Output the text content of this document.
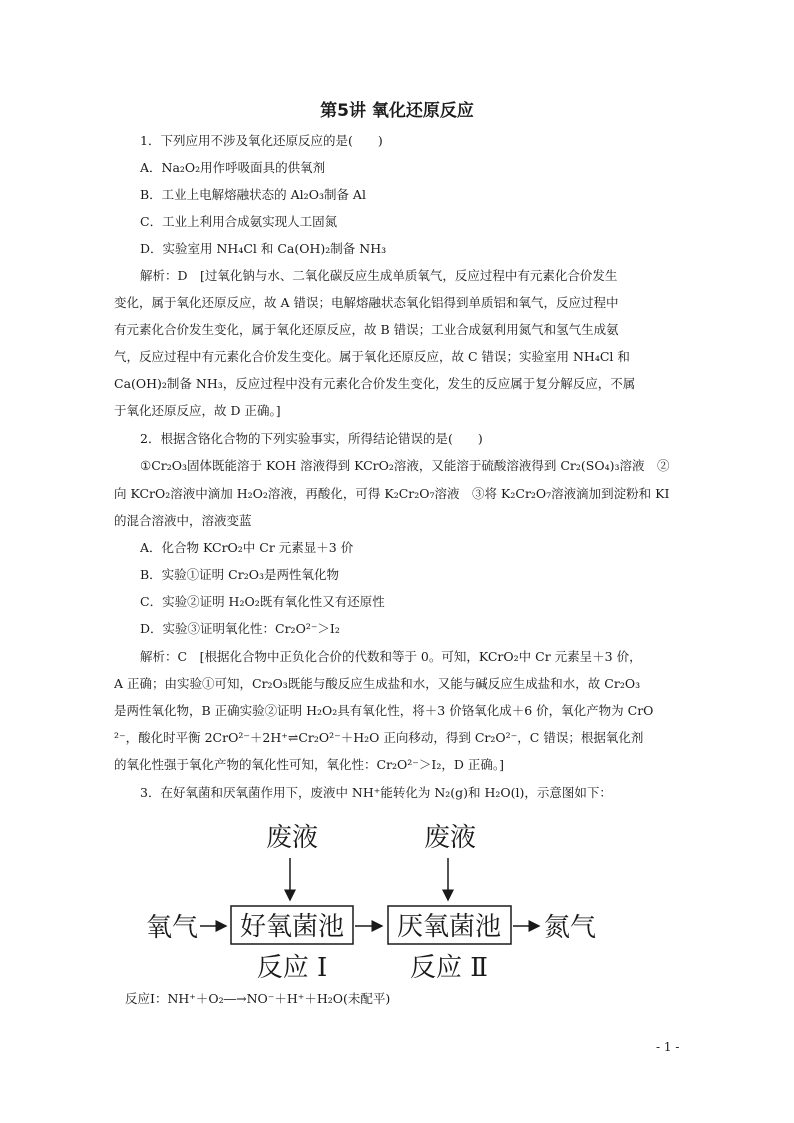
第5讲 氧化还原反应
1．下列应用不涉及氧化还原反应的是(　　)
A．Na₂O₂用作呼吸面具的供氧剂
B．工业上电解熔融状态的 Al₂O₃制备 Al
C．工业上利用合成氨实现人工固氮
D．实验室用 NH₄Cl 和 Ca(OH)₂制备 NH₃
解析：D　[过氧化钠与水、二氧化碳反应生成单质氧气，反应过程中有元素化合价发生
变化，属于氧化还原反应，故 A 错误；电解熔融状态氧化铝得到单质铝和氧气，反应过程中
有元素化合价发生变化，属于氧化还原反应，故 B 错误；工业合成氨利用氮气和氢气生成氨
气，反应过程中有元素化合价发生变化。属于氧化还原反应，故 C 错误；实验室用 NH₄Cl 和
Ca(OH)₂制备 NH₃，反应过程中没有元素化合价发生变化，发生的反应属于复分解反应，不属
于氧化还原反应，故 D 正确。]
2．根据含铬化合物的下列实验事实，所得结论错误的是(　　)
①Cr₂O₃固体既能溶于 KOH 溶液得到 KCrO₂溶液，又能溶于硫酸溶液得到 Cr₂(SO₄)₃溶液　②
向 KCrO₂溶液中滴加 H₂O₂溶液，再酸化，可得 K₂Cr₂O₇溶液　③将 K₂Cr₂O₇溶液滴加到淀粉和 KI
的混合溶液中，溶液变蓝
A．化合物 KCrO₂中 Cr 元素显＋3 价
B．实验①证明 Cr₂O₃是两性氧化物
C．实验②证明 H₂O₂既有氧化性又有还原性
D．实验③证明氧化性：Cr₂O²⁻＞I₂
解析：C　[根据化合物中正负化合价的代数和等于 0。可知，KCrO₂中 Cr 元素呈＋3 价，
A 正确；由实验①可知，Cr₂O₃既能与酸反应生成盐和水，又能与碱反应生成盐和水，故 Cr₂O₃
是两性氧化物，B 正确实验②证明 H₂O₂具有氧化性，将＋3 价铬氧化成＋6 价，氧化产物为 CrO
²⁻，酸化时平衡 2CrO²⁻＋2H⁺⇌Cr₂O²⁻＋H₂O 正向移动，得到 Cr₂O²⁻，C 错误；根据氧化剂
的氧化性强于氧化产物的氧化性可知，氧化性：Cr₂O²⁻＞I₂，D 正确。]
3．在好氧菌和厌氧菌作用下，废液中 NH⁺能转化为 N₂(g)和 H₂O(l)，示意图如下：
废液	废液
氧气 好氧菌池 厌氧菌池 氮气
反应 Ⅰ	反应 Ⅱ
反应Ⅰ：NH⁺＋O₂―→NO⁻＋H⁺＋H₂O(未配平)
- 1 -
